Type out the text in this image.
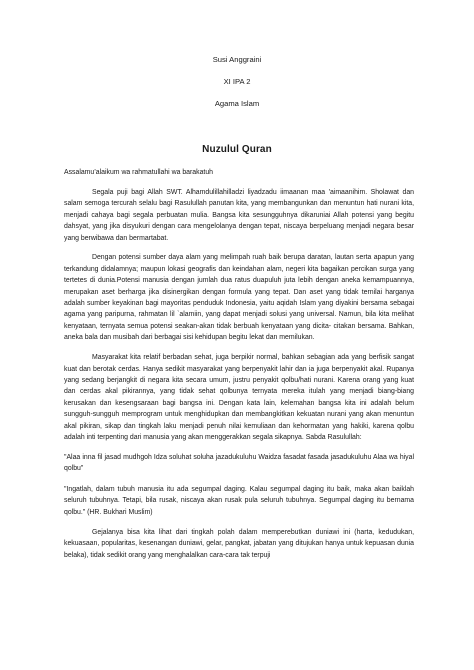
Susi Anggraini
XI IPA 2
Agama Islam
Nuzulul Quran

Assalamu’alaikum wa rahmatullahi wa barakatuh

Segala puji bagi Allah SWT. Alhamdulillahilladzi liyadzadu iimaanan maa 'aimaanihim. Sholawat dan salam semoga tercurah selalu bagi Rasulullah panutan kita, yang membangunkan dan menuntun hati nurani kita, menjadi cahaya bagi segala perbuatan mulia. Bangsa kita sesungguhnya dikaruniai Allah potensi yang begitu dahsyat, yang jika disyukuri dengan cara mengelolanya dengan tepat, niscaya berpeluang menjadi negara besar yang berwibawa dan bermartabat.

Dengan potensi sumber daya alam yang melimpah ruah baik berupa daratan, lautan serta apapun yang terkandung didalamnya; maupun lokasi geografis dan keindahan alam, negeri kita bagaikan percikan surga yang tertetes di dunia.Potensi manusia dengan jumlah dua ratus duapuluh juta lebih dengan aneka kemampuannya, merupakan aset berharga jika disinergikan dengan formula yang tepat. Dan aset yang tidak ternilai harganya adalah sumber keyakinan bagi mayoritas penduduk Indonesia, yaitu aqidah Islam yang diyakini bersama sebagai agama yang paripurna, rahmatan lil `alamiin, yang dapat menjadi solusi yang universal. Namun, bila kita melihat kenyataan, ternyata semua potensi seakan-akan tidak berbuah kenyataan yang dicita- citakan bersama. Bahkan, aneka bala dan musibah dari berbagai sisi kehidupan begitu lekat dan memilukan.

Masyarakat kita relatif berbadan sehat, juga berpikir normal, bahkan sebagian ada yang berfisik sangat kuat dan berotak cerdas. Hanya sedikit masyarakat yang berpenyakit lahir dan ia juga berpenyakit akal. Rupanya yang sedang berjangkit di negara kita secara umum, justru penyakit qolbu/hati nurani. Karena orang yang kuat dan cerdas akal pikirannya, yang tidak sehat qolbunya ternyata mereka itulah yang menjadi biang-biang kerusakan dan kesengsaraan bagi bangsa ini. Dengan kata lain, kelemahan bangsa kita ini adalah belum sungguh-sungguh memprogram untuk menghidupkan dan membangkitkan kekuatan nurani yang akan menuntun akal pikiran, sikap dan tingkah laku menjadi penuh nilai kemuliaan dan kehormatan yang hakiki, karena qolbu adalah inti terpenting dari manusia yang akan menggerakkan segala sikapnya. Sabda Rasulullah:

"Alaa inna fil jasad mudhgoh Idza soluhat soluha jazadukuluhu Waidza fasadat fasada jasadukuluhu Alaa wa hiyal qolbu"

"Ingatlah, dalam tubuh manusia itu ada segumpal daging. Kalau segumpal daging itu baik, maka akan baiklah seluruh tubuhnya. Tetapi, bila rusak, niscaya akan rusak pula seluruh tubuhnya. Segumpal daging itu bernama qolbu." (HR. Bukhari Muslim)

Gejalanya bisa kita lihat dari tingkah polah dalam memperebutkan duniawi ini (harta, kedudukan, kekuasaan, popularitas, kesenangan duniawi, gelar, pangkat, jabatan yang ditujukan hanya untuk kepuasan dunia belaka), tidak sedikit orang yang menghalalkan cara-cara tak terpuji
